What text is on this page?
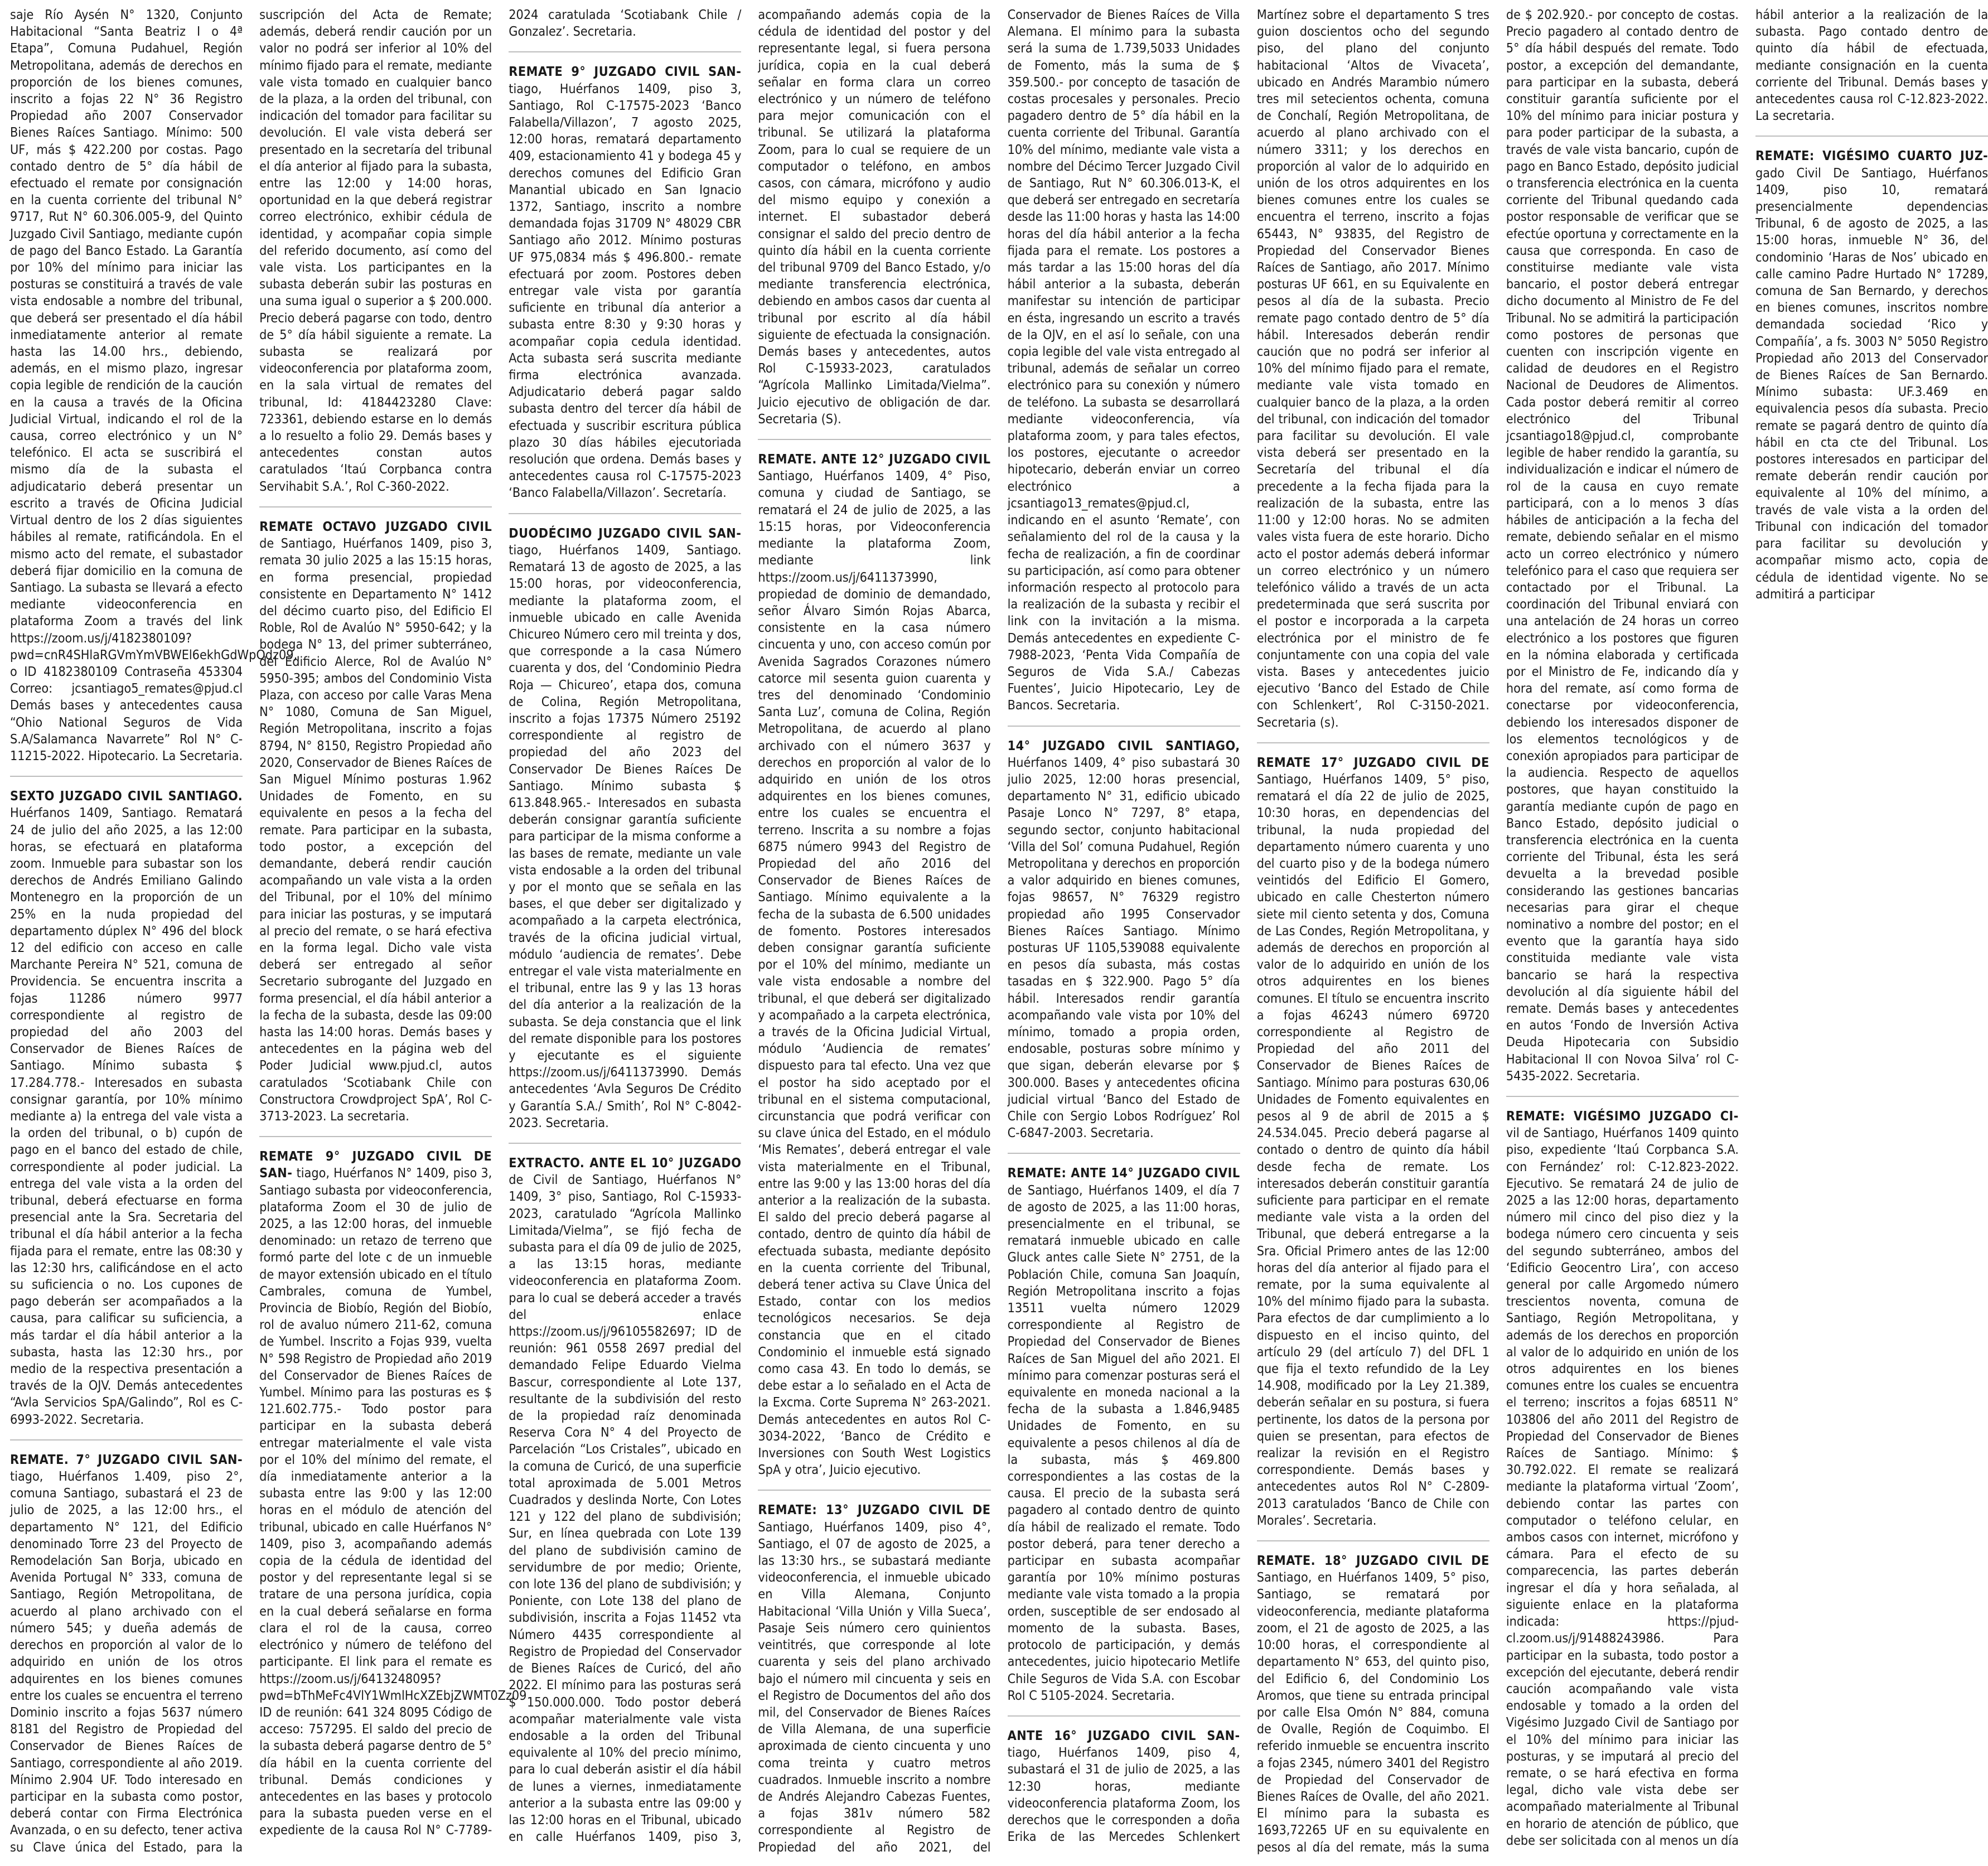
saje Río Aysén N° 1320, Conjunto Habitacional “Santa Beatriz I o 4ª Etapa”, Comuna Pudahuel, Región Metropolitana, además de derechos en proporción de los bienes comunes, inscrito a fojas 22 N° 36 Registro Propiedad año 2007 Conservador Bienes Raíces Santiago. Mínimo: 500 UF, más $ 422.200 por costas. Pago contado dentro de 5° día hábil de efectuado el remate por consignación en la cuenta corriente del tribunal N° 9717, Rut N° 60.306.005-9, del Quinto Juzgado Civil Santiago, mediante cupón de pago del Banco Estado. La Garantía por 10% del mínimo para iniciar las posturas se constituirá a través de vale vista endosable a nombre del tribunal, que deberá ser presentado el día hábil inmediatamente anterior al remate hasta las 14.00 hrs., debiendo, además, en el mismo plazo, ingresar copia legible de rendición de la caución en la causa a través de la Oficina Judicial Virtual, indicando el rol de la causa, correo electrónico y un N° telefónico. El acta se suscribirá el mismo día de la subasta el adjudicatario deberá presentar un escrito a través de Oficina Judicial Virtual dentro de los 2 días siguientes hábiles al remate, ratificándola. En el mismo acto del remate, el subastador deberá fijar domicilio en la comuna de Santiago. La subasta se llevará a efecto mediante videoconferencia en plataforma Zoom a través del link https://zoom.us/j/4182380109?pwd=cnR4SHlaRGVmYmVBWEl6ekhGdWpOdz09, o ID 4182380109 Contraseña 453304 Correo: jcsantiago5_remates@pjud.cl Demás bases y antecedentes causa “Ohio National Seguros de Vida S.A/Salamanca Navarrete” Rol N° C-11215-2022. Hipotecario. La Secretaria.

SEXTO JUZGADO CIVIL SANTIAGO. Huérfanos 1409, Santiago. Rematará 24 de julio del año 2025, a las 12:00 horas, se efectuará en plataforma zoom. Inmueble para subastar son los derechos de Andrés Emiliano Galindo Montenegro en la proporción de un 25% en la nuda propiedad del departamento dúplex N° 496 del block 12 del edificio con acceso en calle Marchante Pereira N° 521, comuna de Providencia. Se encuentra inscrita a fojas 11286 número 9977 correspondiente al registro de propiedad del año 2003 del Conservador de Bienes Raíces de Santiago. Mínimo subasta $ 17.284.778.- Interesados en subasta consignar garantía, por 10% mínimo mediante a) la entrega del vale vista a la orden del tribunal, o b) cupón de pago en el banco del estado de chile, correspondiente al poder judicial. La entrega del vale vista a la orden del tribunal, deberá efectuarse en forma presencial ante la Sra. Secretaria del tribunal el día hábil anterior a la fecha fijada para el remate, entre las 08:30 y las 12:30 hrs, calificándose en el acto su suficiencia o no. Los cupones de pago deberán ser acompañados a la causa, para calificar su suficiencia, a más tardar el día hábil anterior a la subasta, hasta las 12:30 hrs., por medio de la respectiva presentación a través de la OJV. Demás antecedentes “Avla Servicios SpA/Galindo”, Rol es C-6993-2022. Secretaria.

REMATE. 7° JUZGADO CIVIL SAN- tiago, Huérfanos 1.409, piso 2°, comuna Santiago, subastará el 23 de julio de 2025, a las 12:00 hrs., el departamento N° 121, del Edificio denominado Torre 23 del Proyecto de Remodelación San Borja, ubicado en Avenida Portugal N° 333, comuna de Santiago, Región Metropolitana, de acuerdo al plano archivado con el número 545; y dueña además de derechos en proporción al valor de lo adquirido en unión de los otros adquirentes en los bienes comunes entre los cuales se encuentra el terreno Dominio inscrito a fojas 5637 número 8181 del Registro de Propiedad del Conservador de Bienes Raíces de Santiago, correspondiente al año 2019. Mínimo 2.904 UF. Todo interesado en participar en la subasta como postor, deberá contar con Firma Electrónica Avanzada, o en su defecto, tener activa su Clave única del Estado, para la suscripción del Acta de Remate; además, deberá rendir caución por un valor no podrá ser inferior al 10% del mínimo fijado para el remate, mediante vale vista tomado en cualquier banco de la plaza, a la orden del tribunal, con indicación del tomador para facilitar su devolución. El vale vista deberá ser presentado en la secretaría del tribunal el día anterior al fijado para la subasta, entre las 12:00 y 14:00 horas, oportunidad en la que deberá registrar correo electrónico, exhibir cédula de identidad, y acompañar copia simple del referido documento, así como del vale vista. Los participantes en la subasta deberán subir las posturas en una suma igual o superior a $ 200.000. Precio deberá pagarse con todo, dentro de 5° día hábil siguiente a remate. La subasta se realizará por videoconferencia por plataforma zoom, en la sala virtual de remates del tribunal, Id: 4184423280 Clave: 723361, debiendo estarse en lo demás a lo resuelto a folio 29. Demás bases y antecedentes constan autos caratulados ‘Itaú Corpbanca contra Servihabit S.A.’, Rol C-360-2022.

REMATE OCTAVO JUZGADO CIVIL de Santiago, Huérfanos 1409, piso 3, remata 30 julio 2025 a las 15:15 horas, en forma presencial, propiedad consistente en Departamento N° 1412 del décimo cuarto piso, del Edificio El Roble, Rol de Avalúo N° 5950-642; y la bodega N° 13, del primer subterráneo, del Edificio Alerce, Rol de Avalúo N° 5950-395; ambos del Condominio Vista Plaza, con acceso por calle Varas Mena N° 1080, Comuna de San Miguel, Región Metropolitana, inscrito a fojas 8794, N° 8150, Registro Propiedad año 2020, Conservador de Bienes Raíces de San Miguel Mínimo posturas 1.962 Unidades de Fomento, en su equivalente en pesos a la fecha del remate. Para participar en la subasta, todo postor, a excepción del demandante, deberá rendir caución acompañando un vale vista a la orden del Tribunal, por el 10% del mínimo para iniciar las posturas, y se imputará al precio del remate, o se hará efectiva en la forma legal. Dicho vale vista deberá ser entregado al señor Secretario subrogante del Juzgado en forma presencial, el día hábil anterior a la fecha de la subasta, desde las 09:00 hasta las 14:00 horas. Demás bases y antecedentes en la página web del Poder Judicial www.pjud.cl, autos caratulados ‘Scotiabank Chile con Constructora Crowdproject SpA’, Rol C-3713-2023. La secretaria.

REMATE 9° JUZGADO CIVIL DE SAN- tiago, Huérfanos N° 1409, piso 3, Santiago subasta por videoconferencia, plataforma Zoom el 30 de julio de 2025, a las 12:00 horas, del inmueble denominado: un retazo de terreno que formó parte del lote c de un inmueble de mayor extensión ubicado en el título Cambrales, comuna de Yumbel, Provincia de Biobío, Región del Biobío, rol de avaluo número 211-62, comuna de Yumbel. Inscrito a Fojas 939, vuelta N° 598 Registro de Propiedad año 2019 del Conservador de Bienes Raíces de Yumbel. Mínimo para las posturas es $ 121.602.775.- Todo postor para participar en la subasta deberá entregar materialmente el vale vista por el 10% del mínimo del remate, el día inmediatamente anterior a la subasta entre las 9:00 y las 12:00 horas en el módulo de atención del tribunal, ubicado en calle Huérfanos N° 1409, piso 3, acompañando además copia de la cédula de identidad del postor y del representante legal si se tratare de una persona jurídica, copia en la cual deberá señalarse en forma clara el rol de la causa, correo electrónico y número de teléfono del participante. El link para el remate es https://zoom.us/j/6413248095?pwd=bThMeFc4VlY1WmlHcXZEbjZWMT0Zz09 ID de reunión: 641 324 8095 Código de acceso: 757295. El saldo del precio de la subasta deberá pagarse dentro de 5° día hábil en la cuenta corriente del tribunal. Demás condiciones y antecedentes en las bases y protocolo para la subasta pueden verse en el expediente de la causa Rol N° C-7789-2024 caratulada ‘Scotiabank Chile / Gonzalez’. Secretaria.

REMATE 9° JUZGADO CIVIL SAN- tiago, Huérfanos 1409, piso 3, Santiago, Rol C-17575-2023 ‘Banco Falabella/Villazon’, 7 agosto 2025, 12:00 horas, rematará departamento 409, estacionamiento 41 y bodega 45 y derechos comunes del Edificio Gran Manantial ubicado en San Ignacio 1372, Santiago, inscrito a nombre demandada fojas 31709 N° 48029 CBR Santiago año 2012. Mínimo posturas UF 975,0834 más $ 496.800.- remate efectuará por zoom. Postores deben entregar vale vista por garantía suficiente en tribunal día anterior a subasta entre 8:30 y 9:30 horas y acompañar copia cedula identidad. Acta subasta será suscrita mediante firma electrónica avanzada. Adjudicatario deberá pagar saldo subasta dentro del tercer día hábil de efectuada y suscribir escritura pública plazo 30 días hábiles ejecutoriada resolución que ordena. Demás bases y antecedentes causa rol C-17575-2023 ‘Banco Falabella/Villazon’. Secretaría.

DUODÉCIMO JUZGADO CIVIL SAN- tiago, Huérfanos 1409, Santiago. Rematará 13 de agosto de 2025, a las 15:00 horas, por videoconferencia, mediante la plataforma zoom, el inmueble ubicado en calle Avenida Chicureo Número cero mil treinta y dos, que corresponde a la casa Número cuarenta y dos, del ‘Condominio Piedra Roja — Chicureo’, etapa dos, comuna de Colina, Región Metropolitana, inscrito a fojas 17375 Número 25192 correspondiente al registro de propiedad del año 2023 del Conservador De Bienes Raíces De Santiago. Mínimo subasta $ 613.848.965.- Interesados en subasta deberán consignar garantía suficiente para participar de la misma conforme a las bases de remate, mediante un vale vista endosable a la orden del tribunal y por el monto que se señala en las bases, el que deber ser digitalizado y acompañado a la carpeta electrónica, través de la oficina judicial virtual, módulo ‘audiencia de remates’. Debe entregar el vale vista materialmente en el tribunal, entre las 9 y las 13 horas del día anterior a la realización de la subasta. Se deja constancia que el link del remate disponible para los postores y ejecutante es el siguiente https://zoom.us/j/6411373990. Demás antecedentes ‘Avla Seguros De Crédito y Garantía S.A./ Smith’, Rol N° C-8042-2023. Secretaria.

EXTRACTO. ANTE EL 10° JUZGADO de Civil de Santiago, Huérfanos N° 1409, 3° piso, Santiago, Rol C-15933-2023, caratulado “Agrícola Mallinko Limitada/Vielma”, se fijó fecha de subasta para el día 09 de julio de 2025, a las 13:15 horas, mediante videoconferencia en plataforma Zoom. para lo cual se deberá acceder a través del enlace https://zoom.us/j/96105582697; ID de reunión: 961 0558 2697 predial del demandado Felipe Eduardo Vielma Bascur, correspondiente al Lote 137, resultante de la subdivisión del resto de la propiedad raíz denominada Reserva Cora N° 4 del Proyecto de Parcelación “Los Cristales”, ubicado en la comuna de Curicó, de una superficie total aproximada de 5.001 Metros Cuadrados y deslinda Norte, Con Lotes 121 y 122 del plano de subdivisión; Sur, en línea quebrada con Lote 139 del plano de subdivisión camino de servidumbre de por medio; Oriente, con lote 136 del plano de subdivisión; y Poniente, con Lote 138 del plano de subdivisión, inscrita a Fojas 11452 vta Número 4435 correspondiente al Registro de Propiedad del Conservador de Bienes Raíces de Curicó, del año 2022. El mínimo para las posturas será $ 150.000.000. Todo postor deberá acompañar materialmente vale vista endosable a la orden del Tribunal equivalente al 10% del precio mínimo, para lo cual deberán asistir el día hábil de lunes a viernes, inmediatamente anterior a la subasta entre las 09:00 y las 12:00 horas en el Tribunal, ubicado en calle Huérfanos 1409, piso 3, acompañando además copia de la cédula de identidad del postor y del representante legal, si fuera persona jurídica, copia en la cual deberá señalar en forma clara un correo electrónico y un número de teléfono para mejor comunicación con el tribunal. Se utilizará la plataforma Zoom, para lo cual se requiere de un computador o teléfono, en ambos casos, con cámara, micrófono y audio del mismo equipo y conexión a internet. El subastador deberá consignar el saldo del precio dentro de quinto día hábil en la cuenta corriente del tribunal 9709 del Banco Estado, y/o mediante transferencia electrónica, debiendo en ambos casos dar cuenta al tribunal por escrito al día hábil siguiente de efectuada la consignación. Demás bases y antecedentes, autos Rol C-15933-2023, caratulados “Agrícola Mallinko Limitada/Vielma”. Juicio ejecutivo de obligación de dar. Secretaria (S).

REMATE. ANTE 12° JUZGADO CIVIL Santiago, Huérfanos 1409, 4° Piso, comuna y ciudad de Santiago, se rematará el 24 de julio de 2025, a las 15:15 horas, por Videoconferencia mediante la plataforma Zoom, mediante link https://zoom.us/j/6411373990, propiedad de dominio de demandado, señor Álvaro Simón Rojas Abarca, consistente en la casa número cincuenta y uno, con acceso común por Avenida Sagrados Corazones número catorce mil sesenta guion cuarenta y tres del denominado ‘Condominio Santa Luz’, comuna de Colina, Región Metropolitana, de acuerdo al plano archivado con el número 3637 y derechos en proporción al valor de lo adquirido en unión de los otros adquirentes en los bienes comunes, entre los cuales se encuentra el terreno. Inscrita a su nombre a fojas 6875 número 9943 del Registro de Propiedad del año 2016 del Conservador de Bienes Raíces de Santiago. Mínimo equivalente a la fecha de la subasta de 6.500 unidades de fomento. Postores interesados deben consignar garantía suficiente por el 10% del mínimo, mediante un vale vista endosable a nombre del tribunal, el que deberá ser digitalizado y acompañado a la carpeta electrónica, a través de la Oficina Judicial Virtual, módulo ‘Audiencia de remates’ dispuesto para tal efecto. Una vez que el postor ha sido aceptado por el tribunal en el sistema computacional, circunstancia que podrá verificar con su clave única del Estado, en el módulo ‘Mis Remates’, deberá entregar el vale vista materialmente en el Tribunal, entre las 9:00 y las 13:00 horas del día anterior a la realización de la subasta. El saldo del precio deberá pagarse al contado, dentro de quinto día hábil de efectuada subasta, mediante depósito en la cuenta corriente del Tribunal, deberá tener activa su Clave Única del Estado, contar con los medios tecnológicos necesarios. Se deja constancia que en el citado Condominio el inmueble está signado como casa 43. En todo lo demás, se debe estar a lo señalado en el Acta de la Excma. Corte Suprema N° 263-2021. Demás antecedentes en autos Rol C-3034-2022, ‘Banco de Crédito e Inversiones con South West Logistics SpA y otra’, Juicio ejecutivo.

REMATE: 13° JUZGADO CIVIL DE Santiago, Huérfanos 1409, piso 4°, Santiago, el 07 de agosto de 2025, a las 13:30 hrs., se subastará mediante videoconferencia, el inmueble ubicado en Villa Alemana, Conjunto Habitacional ‘Villa Unión y Villa Sueca’, Pasaje Seis número cero quinientos veintitrés, que corresponde al lote cuarenta y seis del plano archivado bajo el número mil cincuenta y seis en el Registro de Documentos del año dos mil, del Conservador de Bienes Raíces de Villa Alemana, de una superficie aproximada de ciento cincuenta y uno coma treinta y cuatro metros cuadrados. Inmueble inscrito a nombre de Andrés Alejandro Cabezas Fuentes, a fojas 381v número 582 correspondiente al Registro de Propiedad del año 2021, del Conservador de Bienes Raíces de Villa Alemana. El mínimo para la subasta será la suma de 1.739,5033 Unidades de Fomento, más la suma de $ 359.500.- por concepto de tasación de costas procesales y personales. Precio pagadero dentro de 5° día hábil en la cuenta corriente del Tribunal. Garantía 10% del mínimo, mediante vale vista a nombre del Décimo Tercer Juzgado Civil de Santiago, Rut N° 60.306.013-K, el que deberá ser entregado en secretaría desde las 11:00 horas y hasta las 14:00 horas del día hábil anterior a la fecha fijada para el remate. Los postores a más tardar a las 15:00 horas del día hábil anterior a la subasta, deberán manifestar su intención de participar en ésta, ingresando un escrito a través de la OJV, en el así lo señale, con una copia legible del vale vista entregado al tribunal, además de señalar un correo electrónico para su conexión y número de teléfono. La subasta se desarrollará mediante videoconferencia, vía plataforma zoom, y para tales efectos, los postores, ejecutante o acreedor hipotecario, deberán enviar un correo electrónico a jcsantiago13_remates@pjud.cl, indicando en el asunto ‘Remate’, con señalamiento del rol de la causa y la fecha de realización, a fin de coordinar su participación, así como para obtener información respecto al protocolo para la realización de la subasta y recibir el link con la invitación a la misma. Demás antecedentes en expediente C-7988-2023, ‘Penta Vida Compañía de Seguros de Vida S.A./ Cabezas Fuentes’, Juicio Hipotecario, Ley de Bancos. Secretaria.

14° JUZGADO CIVIL SANTIAGO, Huérfanos 1409, 4° piso subastará 30 julio 2025, 12:00 horas presencial, departamento N° 31, edificio ubicado Pasaje Lonco N° 7297, 8° etapa, segundo sector, conjunto habitacional ‘Villa del Sol’ comuna Pudahuel, Región Metropolitana y derechos en proporción a valor adquirido en bienes comunes, fojas 98657, N° 76329 registro propiedad año 1995 Conservador Bienes Raíces Santiago. Mínimo posturas UF 1105,539088 equivalente en pesos día subasta, más costas tasadas en $ 322.900. Pago 5° día hábil. Interesados rendir garantía acompañando vale vista por 10% del mínimo, tomado a propia orden, endosable, posturas sobre mínimo y que sigan, deberán elevarse por $ 300.000. Bases y antecedentes oficina judicial virtual ‘Banco del Estado de Chile con Sergio Lobos Rodríguez’ Rol C-6847-2003. Secretaria.

REMATE: ANTE 14° JUZGADO CIVIL de Santiago, Huérfanos 1409, el día 7 de agosto de 2025, a las 11:00 horas, presencialmente en el tribunal, se rematará inmueble ubicado en calle Gluck antes calle Siete N° 2751, de la Población Chile, comuna San Joaquín, Región Metropolitana inscrito a fojas 13511 vuelta número 12029 correspondiente al Registro de Propiedad del Conservador de Bienes Raíces de San Miguel del año 2021. El mínimo para comenzar posturas será el equivalente en moneda nacional a la fecha de la subasta a 1.846,9485 Unidades de Fomento, en su equivalente a pesos chilenos al día de la subasta, más $ 469.800 correspondientes a las costas de la causa. El precio de la subasta será pagadero al contado dentro de quinto día hábil de realizado el remate. Todo postor deberá, para tener derecho a participar en subasta acompañar garantía por 10% mínimo posturas mediante vale vista tomado a la propia orden, susceptible de ser endosado al momento de la subasta. Bases, protocolo de participación, y demás antecedentes, juicio hipotecario Metlife Chile Seguros de Vida S.A. con Escobar Rol C 5105-2024. Secretaria.

ANTE 16° JUZGADO CIVIL SAN- tiago, Huérfanos 1409, piso 4, subastará el 31 de julio de 2025, a las 12:30 horas, mediante videoconferencia plataforma Zoom, los derechos que le corresponden a doña Erika de las Mercedes Schlenkert Martínez sobre el departamento S tres guion doscientos ocho del segundo piso, del plano del conjunto habitacional ‘Altos de Vivaceta’, ubicado en Andrés Marambio número tres mil setecientos ochenta, comuna de Conchalí, Región Metropolitana, de acuerdo al plano archivado con el número 3311; y los derechos en proporción al valor de lo adquirido en unión de los otros adquirentes en los bienes comunes entre los cuales se encuentra el terreno, inscrito a fojas 65443, N° 93835, del Registro de Propiedad del Conservador Bienes Raíces de Santiago, año 2017. Mínimo posturas UF 661, en su Equivalente en pesos al día de la subasta. Precio remate pago contado dentro de 5° día hábil. Interesados deberán rendir caución que no podrá ser inferior al 10% del mínimo fijado para el remate, mediante vale vista tomado en cualquier banco de la plaza, a la orden del tribunal, con indicación del tomador para facilitar su devolución. El vale vista deberá ser presentado en la Secretaría del tribunal el día precedente a la fecha fijada para la realización de la subasta, entre las 11:00 y 12:00 horas. No se admiten vales vista fuera de este horario. Dicho acto el postor además deberá informar un correo electrónico y un número telefónico válido a través de un acta predeterminada que será suscrita por el postor e incorporada a la carpeta electrónica por el ministro de fe conjuntamente con una copia del vale vista. Bases y antecedentes juicio ejecutivo ‘Banco del Estado de Chile con Schlenkert’, Rol C-3150-2021. Secretaria (s).

REMATE 17° JUZGADO CIVIL DE Santiago, Huérfanos 1409, 5° piso, rematará el día 22 de julio de 2025, 10:30 horas, en dependencias del tribunal, la nuda propiedad del departamento número cuarenta y uno del cuarto piso y de la bodega número veintidós del Edificio El Gomero, ubicado en calle Chesterton número siete mil ciento setenta y dos, Comuna de Las Condes, Región Metropolitana, y además de derechos en proporción al valor de lo adquirido en unión de los otros adquirentes en los bienes comunes. El título se encuentra inscrito a fojas 46243 número 69720 correspondiente al Registro de Propiedad del año 2011 del Conservador de Bienes Raíces de Santiago. Mínimo para posturas 630,06 Unidades de Fomento equivalentes en pesos al 9 de abril de 2015 a $ 24.534.045. Precio deberá pagarse al contado o dentro de quinto día hábil desde fecha de remate. Los interesados deberán constituir garantía suficiente para participar en el remate mediante vale vista a la orden del Tribunal, que deberá entregarse a la Sra. Oficial Primero antes de las 12:00 horas del día anterior al fijado para el remate, por la suma equivalente al 10% del mínimo fijado para la subasta. Para efectos de dar cumplimiento a lo dispuesto en el inciso quinto, del artículo 29 (del artículo 7) del DFL 1 que fija el texto refundido de la Ley 14.908, modificado por la Ley 21.389, deberán señalar en su postura, si fuera pertinente, los datos de la persona por quien se presentan, para efectos de realizar la revisión en el Registro correspondiente. Demás bases y antecedentes autos Rol N° C-2809-2013 caratulados ‘Banco de Chile con Morales’. Secretaria.

REMATE. 18° JUZGADO CIVIL DE Santiago, en Huérfanos 1409, 5° piso, Santiago, se rematará por videoconferencia, mediante plataforma zoom, el 21 de agosto de 2025, a las 10:00 horas, el correspondiente al departamento N° 653, del quinto piso, del Edificio 6, del Condominio Los Aromos, que tiene su entrada principal por calle Elsa Omón N° 884, comuna de Ovalle, Región de Coquimbo. El referido inmueble se encuentra inscrito a fojas 2345, número 3401 del Registro de Propiedad del Conservador de Bienes Raíces de Ovalle, del año 2021. El mínimo para la subasta es 1693,72265 UF en su equivalente en pesos al día del remate, más la suma de $ 202.920.- por concepto de costas. Precio pagadero al contado dentro de 5° día hábil después del remate. Todo postor, a excepción del demandante, para participar en la subasta, deberá constituir garantía suficiente por el 10% del mínimo para iniciar postura y para poder participar de la subasta, a través de vale vista bancario, cupón de pago en Banco Estado, depósito judicial o transferencia electrónica en la cuenta corriente del Tribunal quedando cada postor responsable de verificar que se efectúe oportuna y correctamente en la causa que corresponda. En caso de constituirse mediante vale vista bancario, el postor deberá entregar dicho documento al Ministro de Fe del Tribunal. No se admitirá la participación como postores de personas que cuenten con inscripción vigente en calidad de deudores en el Registro Nacional de Deudores de Alimentos. Cada postor deberá remitir al correo electrónico del Tribunal jcsantiago18@pjud.cl, comprobante legible de haber rendido la garantía, su individualización e indicar el número de rol de la causa en cuyo remate participará, con a lo menos 3 días hábiles de anticipación a la fecha del remate, debiendo señalar en el mismo acto un correo electrónico y número telefónico para el caso que requiera ser contactado por el Tribunal. La coordinación del Tribunal enviará con una antelación de 24 horas un correo electrónico a los postores que figuren en la nómina elaborada y certificada por el Ministro de Fe, indicando día y hora del remate, así como forma de conectarse por videoconferencia, debiendo los interesados disponer de los elementos tecnológicos y de conexión apropiados para participar de la audiencia. Respecto de aquellos postores, que hayan constituido la garantía mediante cupón de pago en Banco Estado, depósito judicial o transferencia electrónica en la cuenta corriente del Tribunal, ésta les será devuelta a la brevedad posible considerando las gestiones bancarias necesarias para girar el cheque nominativo a nombre del postor; en el evento que la garantía haya sido constituida mediante vale vista bancario se hará la respectiva devolución al día siguiente hábil del remate. Demás bases y antecedentes en autos ‘Fondo de Inversión Activa Deuda Hipotecaria con Subsidio Habitacional II con Novoa Silva’ rol C-5435-2022. Secretaria.

REMATE: VIGÉSIMO JUZGADO CI- vil de Santiago, Huérfanos 1409 quinto piso, expediente ‘Itaú Corpbanca S.A. con Fernández’ rol: C-12.823-2022. Ejecutivo. Se rematará 24 de julio de 2025 a las 12:00 horas, departamento número mil cinco del piso diez y la bodega número cero cincuenta y seis del segundo subterráneo, ambos del ‘Edificio Geocentro Lira’, con acceso general por calle Argomedo número trescientos noventa, comuna de Santiago, Región Metropolitana, y además de los derechos en proporción al valor de lo adquirido en unión de los otros adquirentes en los bienes comunes entre los cuales se encuentra el terreno; inscritos a fojas 68511 N° 103806 del año 2011 del Registro de Propiedad del Conservador de Bienes Raíces de Santiago. Mínimo: $ 30.792.022. El remate se realizará mediante la plataforma virtual ‘Zoom’, debiendo contar las partes con computador o teléfono celular, en ambos casos con internet, micrófono y cámara. Para el efecto de su comparecencia, las partes deberán ingresar el día y hora señalada, al siguiente enlace en la plataforma indicada: https://pjud-cl.zoom.us/j/91488243986. Para participar en la subasta, todo postor a excepción del ejecutante, deberá rendir caución acompañando vale vista endosable y tomado a la orden del Vigésimo Juzgado Civil de Santiago por el 10% del mínimo para iniciar las posturas, y se imputará al precio del remate, o se hará efectiva en forma legal, dicho vale vista debe ser acompañado materialmente al Tribunal en horario de atención de público, que debe ser solicitada con al menos un día hábil anterior a la realización de la subasta. Pago contado dentro de quinto día hábil de efectuada, mediante consignación en la cuenta corriente del Tribunal. Demás bases y antecedentes causa rol C-12.823-2022. La secretaria.

REMATE: VIGÉSIMO CUARTO JUZ- gado Civil De Santiago, Huérfanos 1409, piso 10, rematará presencialmente dependencias Tribunal, 6 de agosto de 2025, a las 15:00 horas, inmueble N° 36, del condominio ‘Haras de Nos’ ubicado en calle camino Padre Hurtado N° 17289, comuna de San Bernardo, y derechos en bienes comunes, inscritos nombre demandada sociedad ‘Rico y Compañía’, a fs. 3003 N° 5050 Registro Propiedad año 2013 del Conservador de Bienes Raíces de San Bernardo. Mínimo subasta: UF.3.469 en equivalencia pesos día subasta. Precio remate se pagará dentro de quinto día hábil en cta cte del Tribunal. Los postores interesados en participar del remate deberán rendir caución por equivalente al 10% del mínimo, a través de vale vista a la orden del Tribunal con indicación del tomador para facilitar su devolución y acompañar mismo acto, copia de cédula de identidad vigente. No se admitirá a participar
